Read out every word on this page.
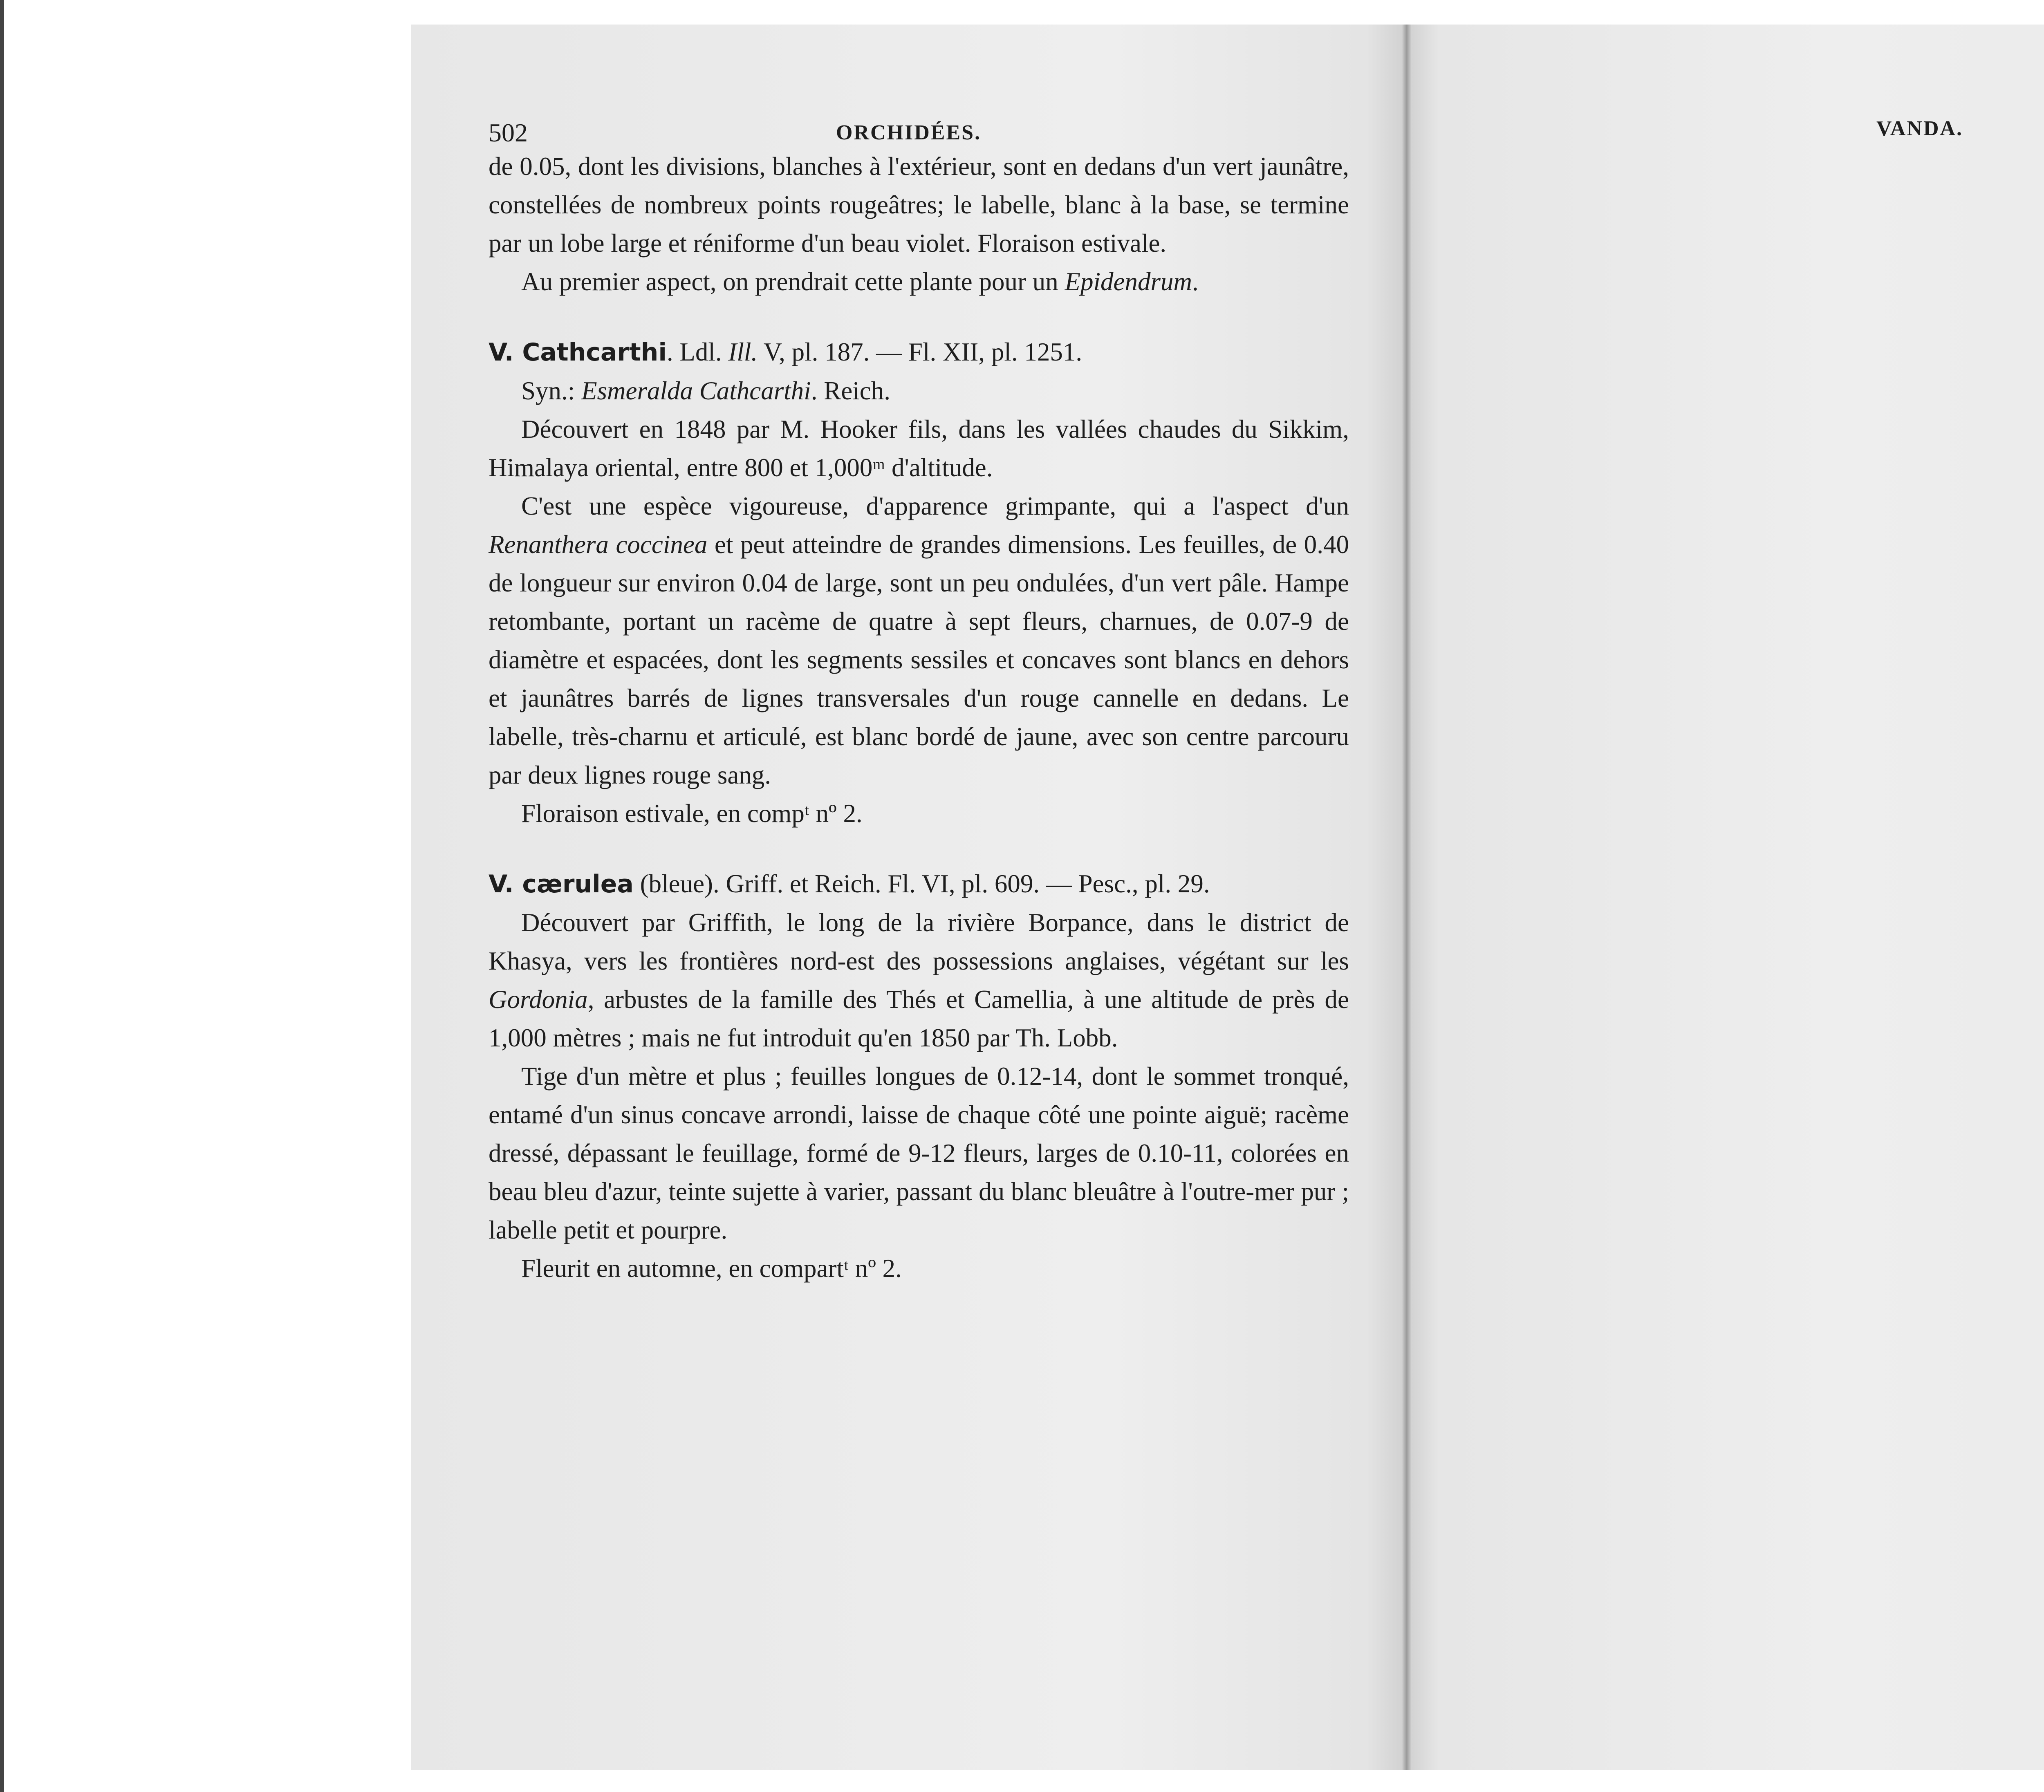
502	ORCHIDÉES.

de 0.05, dont les divisions, blanches à l'extérieur, sont en dedans d'un vert jaunâtre, constellées de nombreux points rougeâtres; le labelle, blanc à la base, se termine par un lobe large et réniforme d'un beau violet. Floraison estivale.

Au premier aspect, on prendrait cette plante pour un Epidendrum.

V. Cathcarthi. Ldl. Ill. V, pl. 187. — Fl. XII, pl. 1251.

Syn.: Esmeralda Cathcarthi. Reich.

Découvert en 1848 par M. Hooker fils, dans les vallées chaudes du Sikkim, Himalaya oriental, entre 800 et 1,000ᵐ d'altitude.

C'est une espèce vigoureuse, d'apparence grimpante, qui a l'aspect d'un Renanthera coccinea et peut atteindre de grandes dimensions. Les feuilles, de 0.40 de longueur sur environ 0.04 de large, sont un peu ondulées, d'un vert pâle. Hampe retombante, portant un racème de quatre à sept fleurs, charnues, de 0.07-9 de diamètre et espacées, dont les segments sessiles et concaves sont blancs en dehors et jaunâtres barrés de lignes transversales d'un rouge cannelle en dedans. Le labelle, très-charnu et articulé, est blanc bordé de jaune, avec son centre parcouru par deux lignes rouge sang.

Floraison estivale, en compᵗ nº 2.

V. cærulea (bleue). Griff. et Reich. Fl. VI, pl. 609. — Pesc., pl. 29.

Découvert par Griffith, le long de la rivière Borpance, dans le district de Khasya, vers les frontières nord-est des possessions anglaises, végétant sur les Gordonia, arbustes de la famille des Thés et Camellia, à une altitude de près de 1,000 mètres ; mais ne fut introduit qu'en 1850 par Th. Lobb.

Tige d'un mètre et plus ; feuilles longues de 0.12-14, dont le sommet tronqué, entamé d'un sinus concave arrondi, laisse de chaque côté une pointe aiguë; racème dressé, dépassant le feuillage, formé de 9-12 fleurs, larges de 0.10-11, colorées en beau bleu d'azur, teinte sujette à varier, passant du blanc bleuâtre à l'outre-mer pur ; labelle petit et pourpre.

Fleurit en automne, en compartᵗ nº 2.

VANDA.
